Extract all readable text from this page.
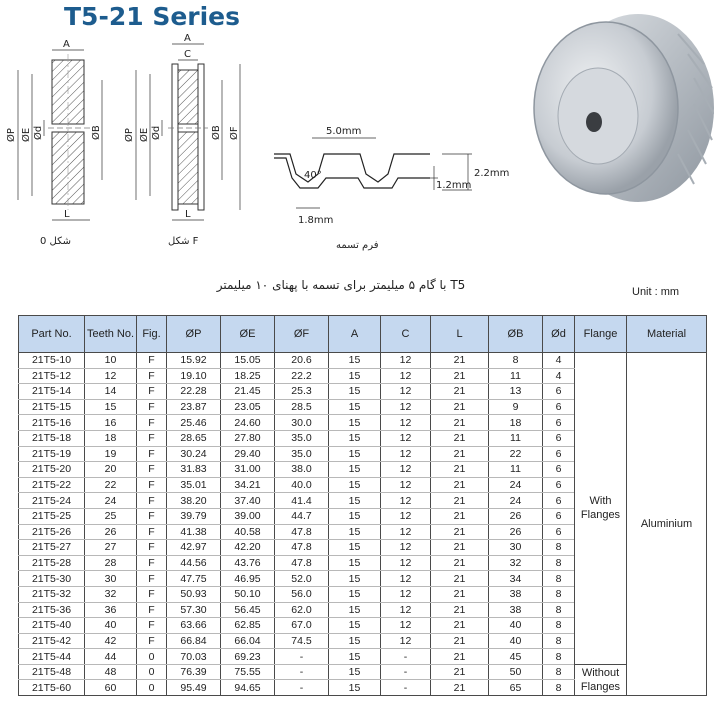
T5-21 Series
A
ØP ØE Ød	ØB
L
شکل 0
A
C
ØP ØE Ød	ØB ØF
L
شکل F
5.0mm
40°	2.2mm
1.2mm
1.8mm
فرم تسمه
T5 با گام ۵ میلیمتر برای تسمه با پهنای ۱۰ میلیمتر	Unit : mm
Part No.	Teeth No.	Fig.	ØP	ØE	ØF	A	C	L	ØB	Ød	Flange	Material
21T5-10	10	F	15.92	15.05	20.6	15	12	21	8	4	With Flanges	Aluminium
21T5-12	12	F	19.10	18.25	22.2	15	12	21	11	4		
21T5-14	14	F	22.28	21.45	25.3	15	12	21	13	6		
21T5-15	15	F	23.87	23.05	28.5	15	12	21	9	6		
21T5-16	16	F	25.46	24.60	30.0	15	12	21	18	6		
21T5-18	18	F	28.65	27.80	35.0	15	12	21	11	6		
21T5-19	19	F	30.24	29.40	35.0	15	12	21	22	6		
21T5-20	20	F	31.83	31.00	38.0	15	12	21	11	6		
21T5-22	22	F	35.01	34.21	40.0	15	12	21	24	6		
21T5-24	24	F	38.20	37.40	41.4	15	12	21	24	6		
21T5-25	25	F	39.79	39.00	44.7	15	12	21	26	6		
21T5-26	26	F	41.38	40.58	47.8	15	12	21	26	6		
21T5-27	27	F	42.97	42.20	47.8	15	12	21	30	8		
21T5-28	28	F	44.56	43.76	47.8	15	12	21	32	8		
21T5-30	30	F	47.75	46.95	52.0	15	12	21	34	8		
21T5-32	32	F	50.93	50.10	56.0	15	12	21	38	8		
21T5-36	36	F	57.30	56.45	62.0	15	12	21	38	8		
21T5-40	40	F	63.66	62.85	67.0	15	12	21	40	8		
21T5-42	42	F	66.84	66.04	74.5	15	12	21	40	8		
21T5-44	44	0	70.03	69.23	-	15	-	21	45	8		
21T5-48	48	0	76.39	75.55	-	15	-	21	50	8	Without Flanges	
21T5-60	60	0	95.49	94.65	-	15	-	21	65	8		
